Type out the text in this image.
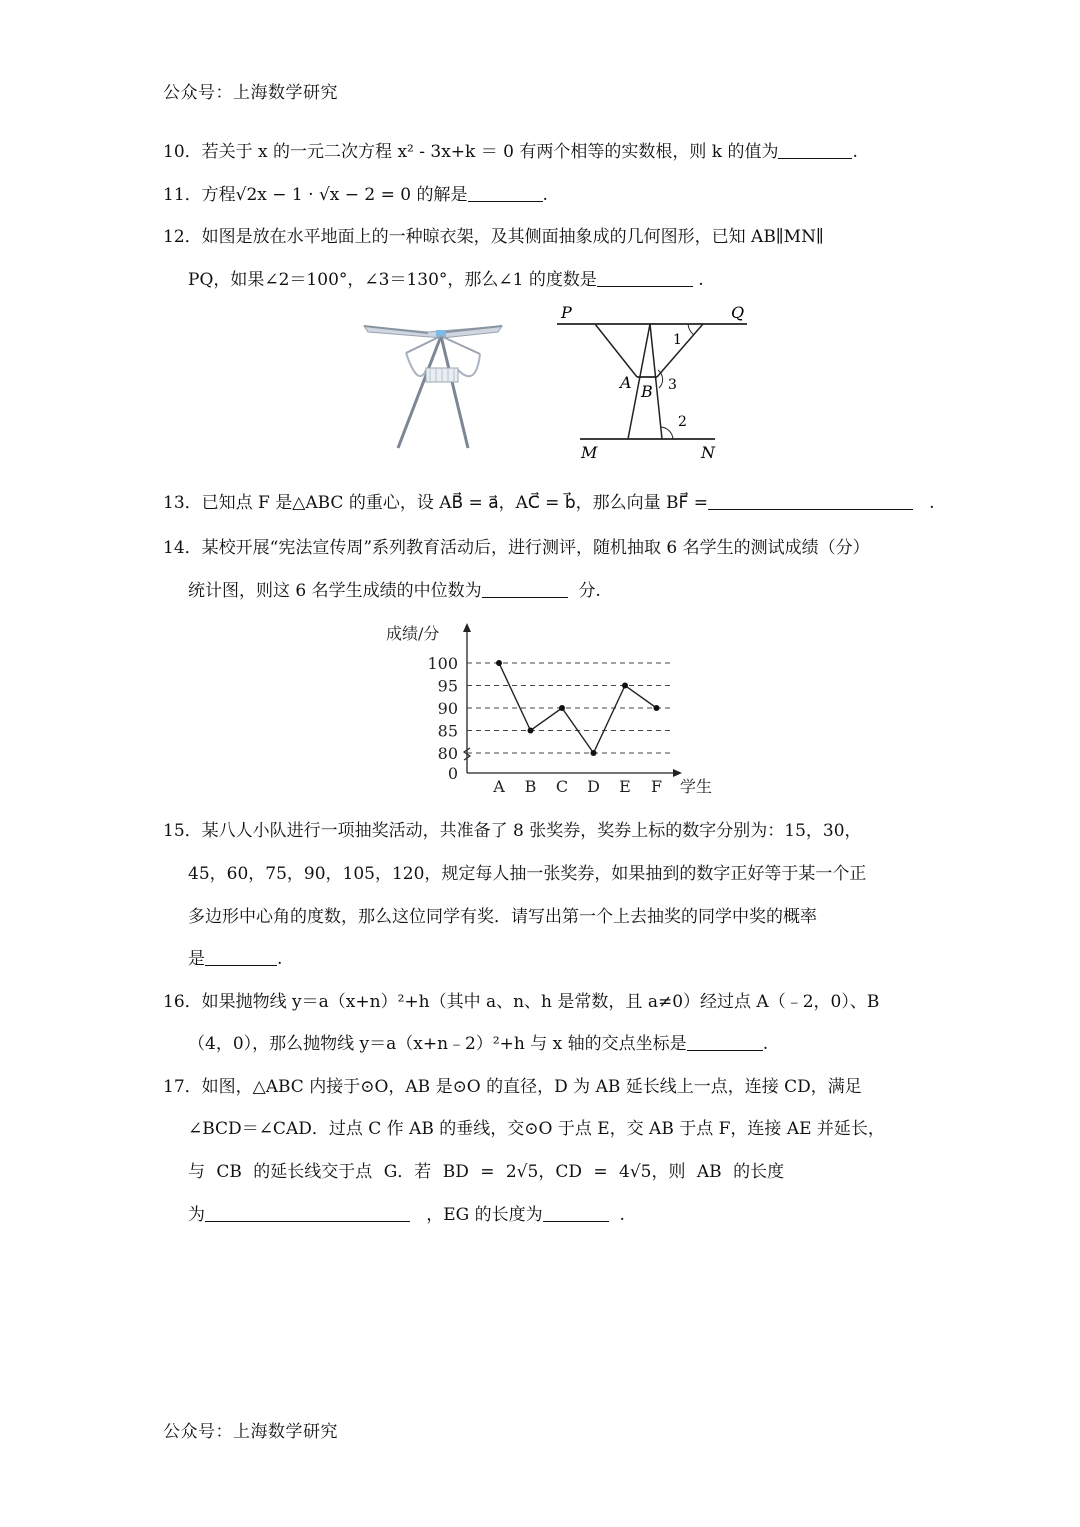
公众号：上海数学研究
10．若关于 x 的一元二次方程 x² - 3x+k ＝ 0 有两个相等的实数根，则 k 的值为	.
11．方程√2x − 1 · √x − 2 = 0 的解是	.
12．如图是放在水平地面上的一种晾衣架，及其侧面抽象成的几何图形，已知 AB∥MN∥
PQ，如果∠2＝100°，∠3＝130°，那么∠1 的度数是	.
P	Q
A B
1
3
2
M	N
13．已知点 F 是△ABC 的重心，设 AB⃗ = a⃗，AC⃗ = b⃗，那么向量 BF⃗ =	.
14．某校开展“宪法宣传周”系列教育活动后，进行测评，随机抽取 6 名学生的测试成绩（分）
统计图，则这 6 名学生成绩的中位数为	分.
成绩/分
学生
100
95
90
85
80
0
A B C D E F
15．某八人小队进行一项抽奖活动，共准备了 8 张奖券，奖券上标的数字分别为：15，30，
45，60，75，90，105，120，规定每人抽一张奖券，如果抽到的数字正好等于某一个正
多边形中心角的度数，那么这位同学有奖．请写出第一个上去抽奖的同学中奖的概率
是	.
16．如果抛物线 y＝a（x+n）²+h（其中 a、n、h 是常数，且 a≠0）经过点 A（﹣2，0）、B
（4，0），那么抛物线 y＝a（x+n﹣2）²+h 与 x 轴的交点坐标是	.
17．如图，△ABC 内接于⊙O，AB 是⊙O 的直径，D 为 AB 延长线上一点，连接 CD，满足
∠BCD＝∠CAD．过点 C 作 AB 的垂线，交⊙O 于点 E，交 AB 于点 F，连接 AE 并延长，
与 CB 的延长线交于点 G．若 BD = 2√5，CD = 4√5，则 AB 的长度
为	，EG 的长度为	.
公众号：上海数学研究
